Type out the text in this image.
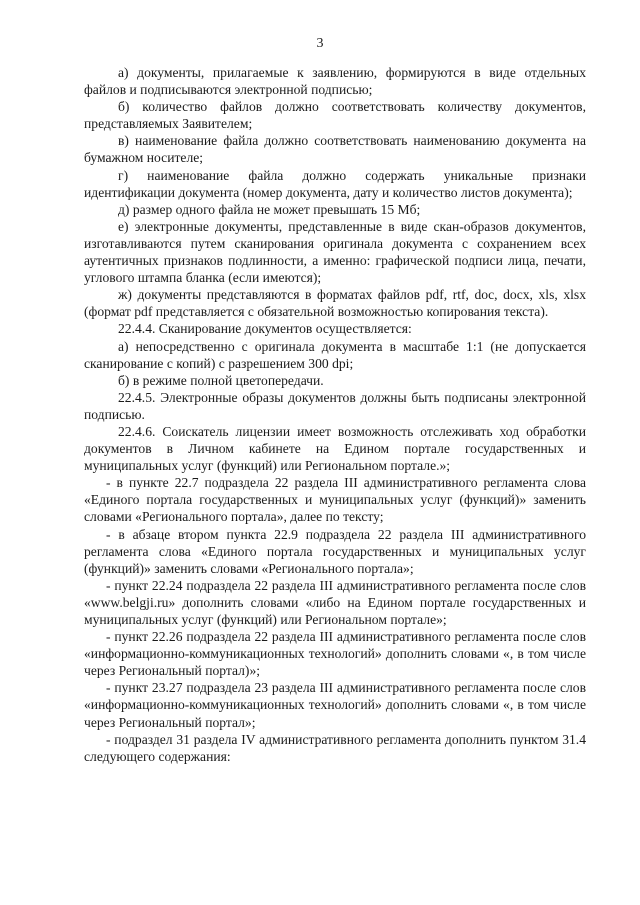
3

а) документы, прилагаемые к заявлению, формируются в виде отдельных файлов и подписываются электронной подписью;

б) количество файлов должно соответствовать количеству документов, представляемых Заявителем;

в) наименование файла должно соответствовать наименованию документа на бумажном носителе;

г) наименование файла должно содержать уникальные признаки идентификации документа (номер документа, дату и количество листов документа);

д) размер одного файла не может превышать 15 Мб;

е) электронные документы, представленные в виде скан-образов документов, изготавливаются путем сканирования оригинала документа с сохранением всех аутентичных признаков подлинности, а именно: графической подписи лица, печати, углового штампа бланка (если имеются);

ж) документы представляются в форматах файлов pdf, rtf, doc, docx, xls, xlsx (формат pdf представляется с обязательной возможностью копирования текста).

22.4.4. Сканирование документов осуществляется:

а) непосредственно с оригинала документа в масштабе 1:1 (не допускается сканирование с копий) с разрешением 300 dpi;

б) в режиме полной цветопередачи.

22.4.5. Электронные образы документов должны быть подписаны электронной подписью.

22.4.6. Соискатель лицензии имеет возможность отслеживать ход обработки документов в Личном кабинете на Едином портале государственных и муниципальных услуг (функций) или Региональном портале.»;

- в пункте 22.7 подраздела 22 раздела III административного регламента слова «Единого портала государственных и муниципальных услуг (функций)» заменить словами «Регионального портала», далее по тексту;

- в абзаце втором пункта 22.9 подраздела 22 раздела III административного регламента слова «Единого портала государственных и муниципальных услуг (функций)» заменить словами «Регионального портала»;

- пункт 22.24 подраздела 22 раздела III административного регламента после слов «www.belgji.ru» дополнить словами «либо на Едином портале государственных и муниципальных услуг (функций) или Региональном портале»;

- пункт 22.26 подраздела 22 раздела III административного регламента после слов «информационно-коммуникационных технологий» дополнить словами «, в том числе через Региональный портал)»;

- пункт 23.27 подраздела 23 раздела III административного регламента после слов «информационно-коммуникационных технологий» дополнить словами «, в том числе через Региональный портал»;

- подраздел 31 раздела IV административного регламента дополнить пунктом 31.4 следующего содержания:
